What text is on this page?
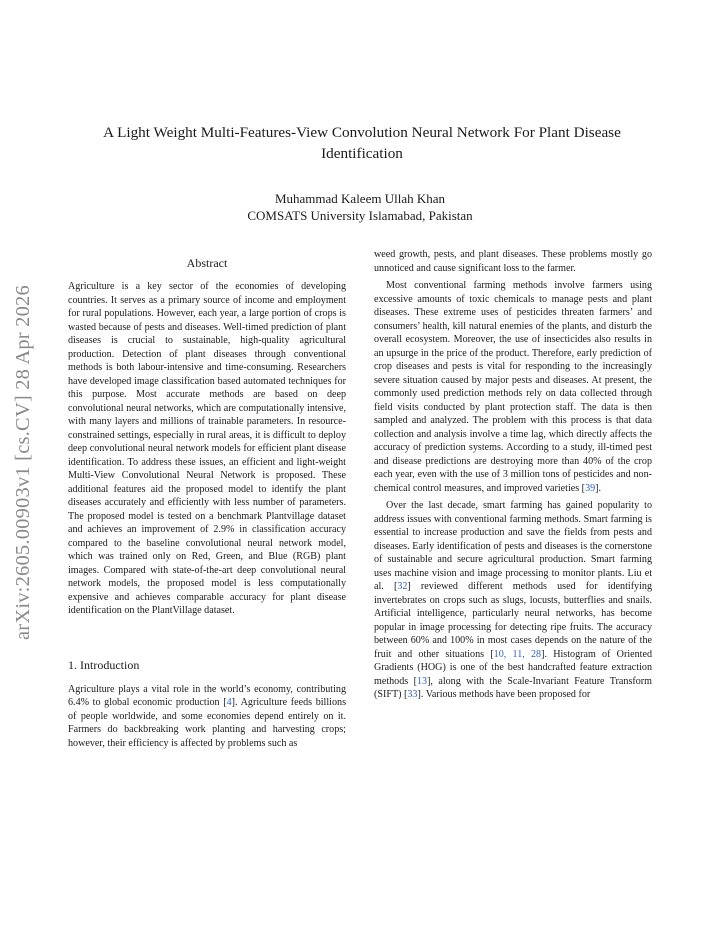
arXiv:2605.00903v1 [cs.CV] 28 Apr 2026
A Light Weight Multi-Features-View Convolution Neural Network For Plant Disease Identification
Muhammad Kaleem Ullah Khan
COMSATS University Islamabad, Pakistan
Abstract

Agriculture is a key sector of the economies of developing countries. It serves as a primary source of income and employment for rural populations. However, each year, a large portion of crops is wasted because of pests and diseases. Well-timed prediction of plant diseases is crucial to sustainable, high-quality agricultural production. Detection of plant diseases through conventional methods is both labour-intensive and time-consuming. Researchers have developed image classification based automated techniques for this purpose. Most accurate methods are based on deep convolutional neural networks, which are computationally intensive, with many layers and millions of trainable parameters. In resource-constrained settings, especially in rural areas, it is difficult to deploy deep convolutional neural network models for efficient plant disease identification. To address these issues, an efficient and light-weight Multi-View Convolutional Neural Network is proposed. These additional features aid the proposed model to identify the plant diseases accurately and efficiently with less number of parameters. The proposed model is tested on a benchmark Plantvillage dataset and achieves an improvement of 2.9% in classification accuracy compared to the baseline convolutional neural network model, which was trained only on Red, Green, and Blue (RGB) plant images. Compared with state-of-the-art deep convolutional neural network models, the proposed model is less computationally expensive and achieves comparable accuracy for plant disease identification on the PlantVillage dataset.

1. Introduction

Agriculture plays a vital role in the world’s economy, contributing 6.4% to global economic production [4]. Agriculture feeds billions of people worldwide, and some economies depend entirely on it. Farmers do backbreaking work planting and harvesting crops; however, their efficiency is affected by problems such as

weed growth, pests, and plant diseases. These problems mostly go unnoticed and cause significant loss to the farmer.

Most conventional farming methods involve farmers using excessive amounts of toxic chemicals to manage pests and plant diseases. These extreme uses of pesticides threaten farmers’ and consumers’ health, kill natural enemies of the plants, and disturb the overall ecosystem. Moreover, the use of insecticides also results in an upsurge in the price of the product. Therefore, early prediction of crop diseases and pests is vital for responding to the increasingly severe situation caused by major pests and diseases. At present, the commonly used prediction methods rely on data collected through field visits conducted by plant protection staff. The data is then sampled and analyzed. The problem with this process is that data collection and analysis involve a time lag, which directly affects the accuracy of prediction systems. According to a study, ill-timed pest and disease predictions are destroying more than 40% of the crop each year, even with the use of 3 million tons of pesticides and non-chemical control measures, and improved varieties [39].

Over the last decade, smart farming has gained popularity to address issues with conventional farming methods. Smart farming is essential to increase production and save the fields from pests and diseases. Early identification of pests and diseases is the cornerstone of sustainable and secure agricultural production. Smart farming uses machine vision and image processing to monitor plants. Liu et al. [32] reviewed different methods used for identifying invertebrates on crops such as slugs, locusts, butterflies and snails. Artificial intelligence, particularly neural networks, has become popular in image processing for detecting ripe fruits. The accuracy between 60% and 100% in most cases depends on the nature of the fruit and other situations [10, 11, 28]. Histogram of Oriented Gradients (HOG) is one of the best handcrafted feature extraction methods [13], along with the Scale-Invariant Feature Transform (SIFT) [33]. Various methods have been proposed for
